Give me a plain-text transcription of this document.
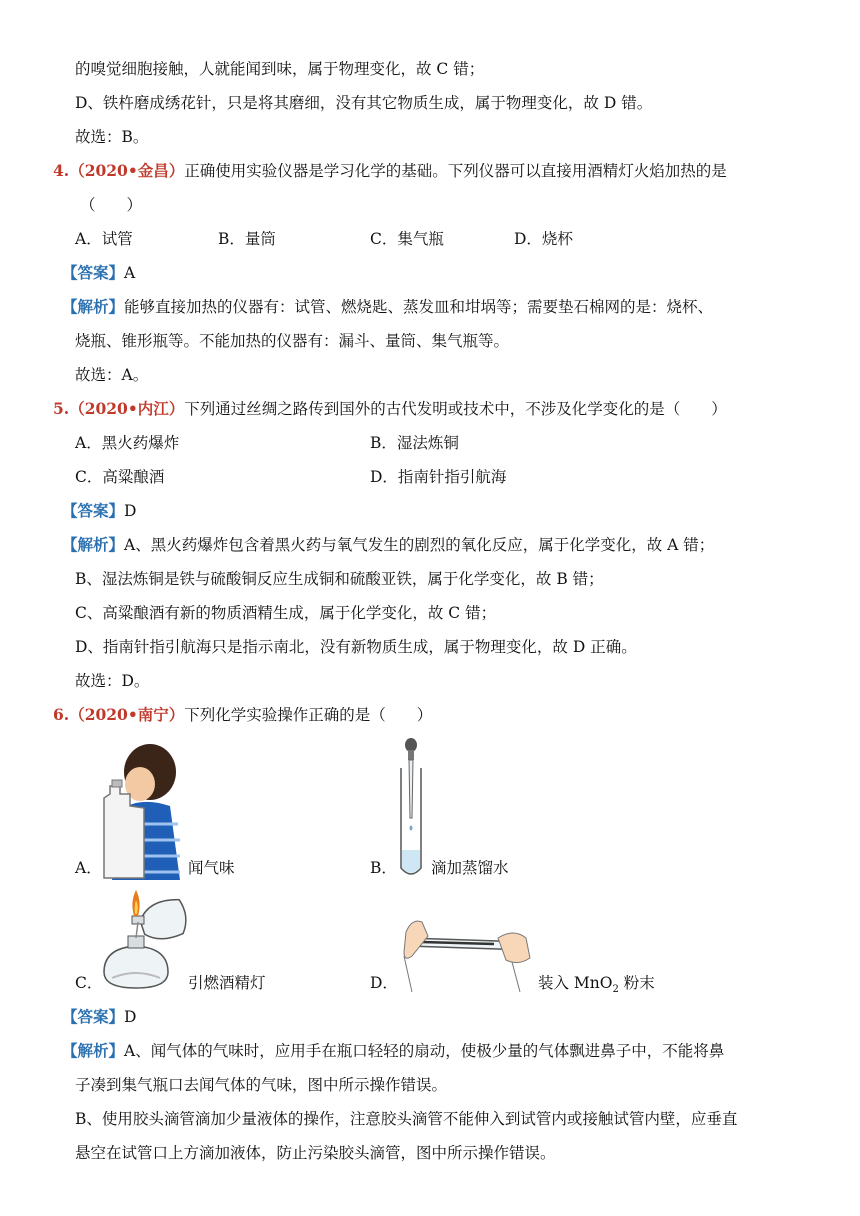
的嗅觉细胞接触，人就能闻到味，属于物理变化，故 C 错；
D、铁杵磨成绣花针，只是将其磨细，没有其它物质生成，属于物理变化，故 D 错。
故选：B。
4.（2020•金昌）正确使用实验仪器是学习化学的基础。下列仪器可以直接用酒精灯火焰加热的是
（　　）
A．试管	B．量筒	C．集气瓶	D．烧杯
【答案】A
【解析】能够直接加热的仪器有：试管、燃烧匙、蒸发皿和坩埚等；需要垫石棉网的是：烧杯、
烧瓶、锥形瓶等。不能加热的仪器有：漏斗、量筒、集气瓶等。
故选：A。
5.（2020•内江）下列通过丝绸之路传到国外的古代发明或技术中，不涉及化学变化的是（　　）
A．黑火药爆炸	B．湿法炼铜
C．高粱酿酒	D．指南针指引航海
【答案】D
【解析】A、黑火药爆炸包含着黑火药与氧气发生的剧烈的氧化反应，属于化学变化，故 A 错；
B、湿法炼铜是铁与硫酸铜反应生成铜和硫酸亚铁，属于化学变化，故 B 错；
C、高粱酿酒有新的物质酒精生成，属于化学变化，故 C 错；
D、指南针指引航海只是指示南北，没有新物质生成，属于物理变化，故 D 正确。
故选：D。
6.（2020•南宁）下列化学实验操作正确的是（　　）
A．	闻气味	B． 滴加蒸馏水
C．	引燃酒精灯	D．	装入 MnO$_2$ 粉末
【答案】D
【解析】A、闻气体的气味时，应用手在瓶口轻轻的扇动，使极少量的气体飘进鼻子中，不能将鼻
子凑到集气瓶口去闻气体的气味，图中所示操作错误。
B、使用胶头滴管滴加少量液体的操作，注意胶头滴管不能伸入到试管内或接触试管内壁，应垂直
悬空在试管口上方滴加液体，防止污染胶头滴管，图中所示操作错误。
